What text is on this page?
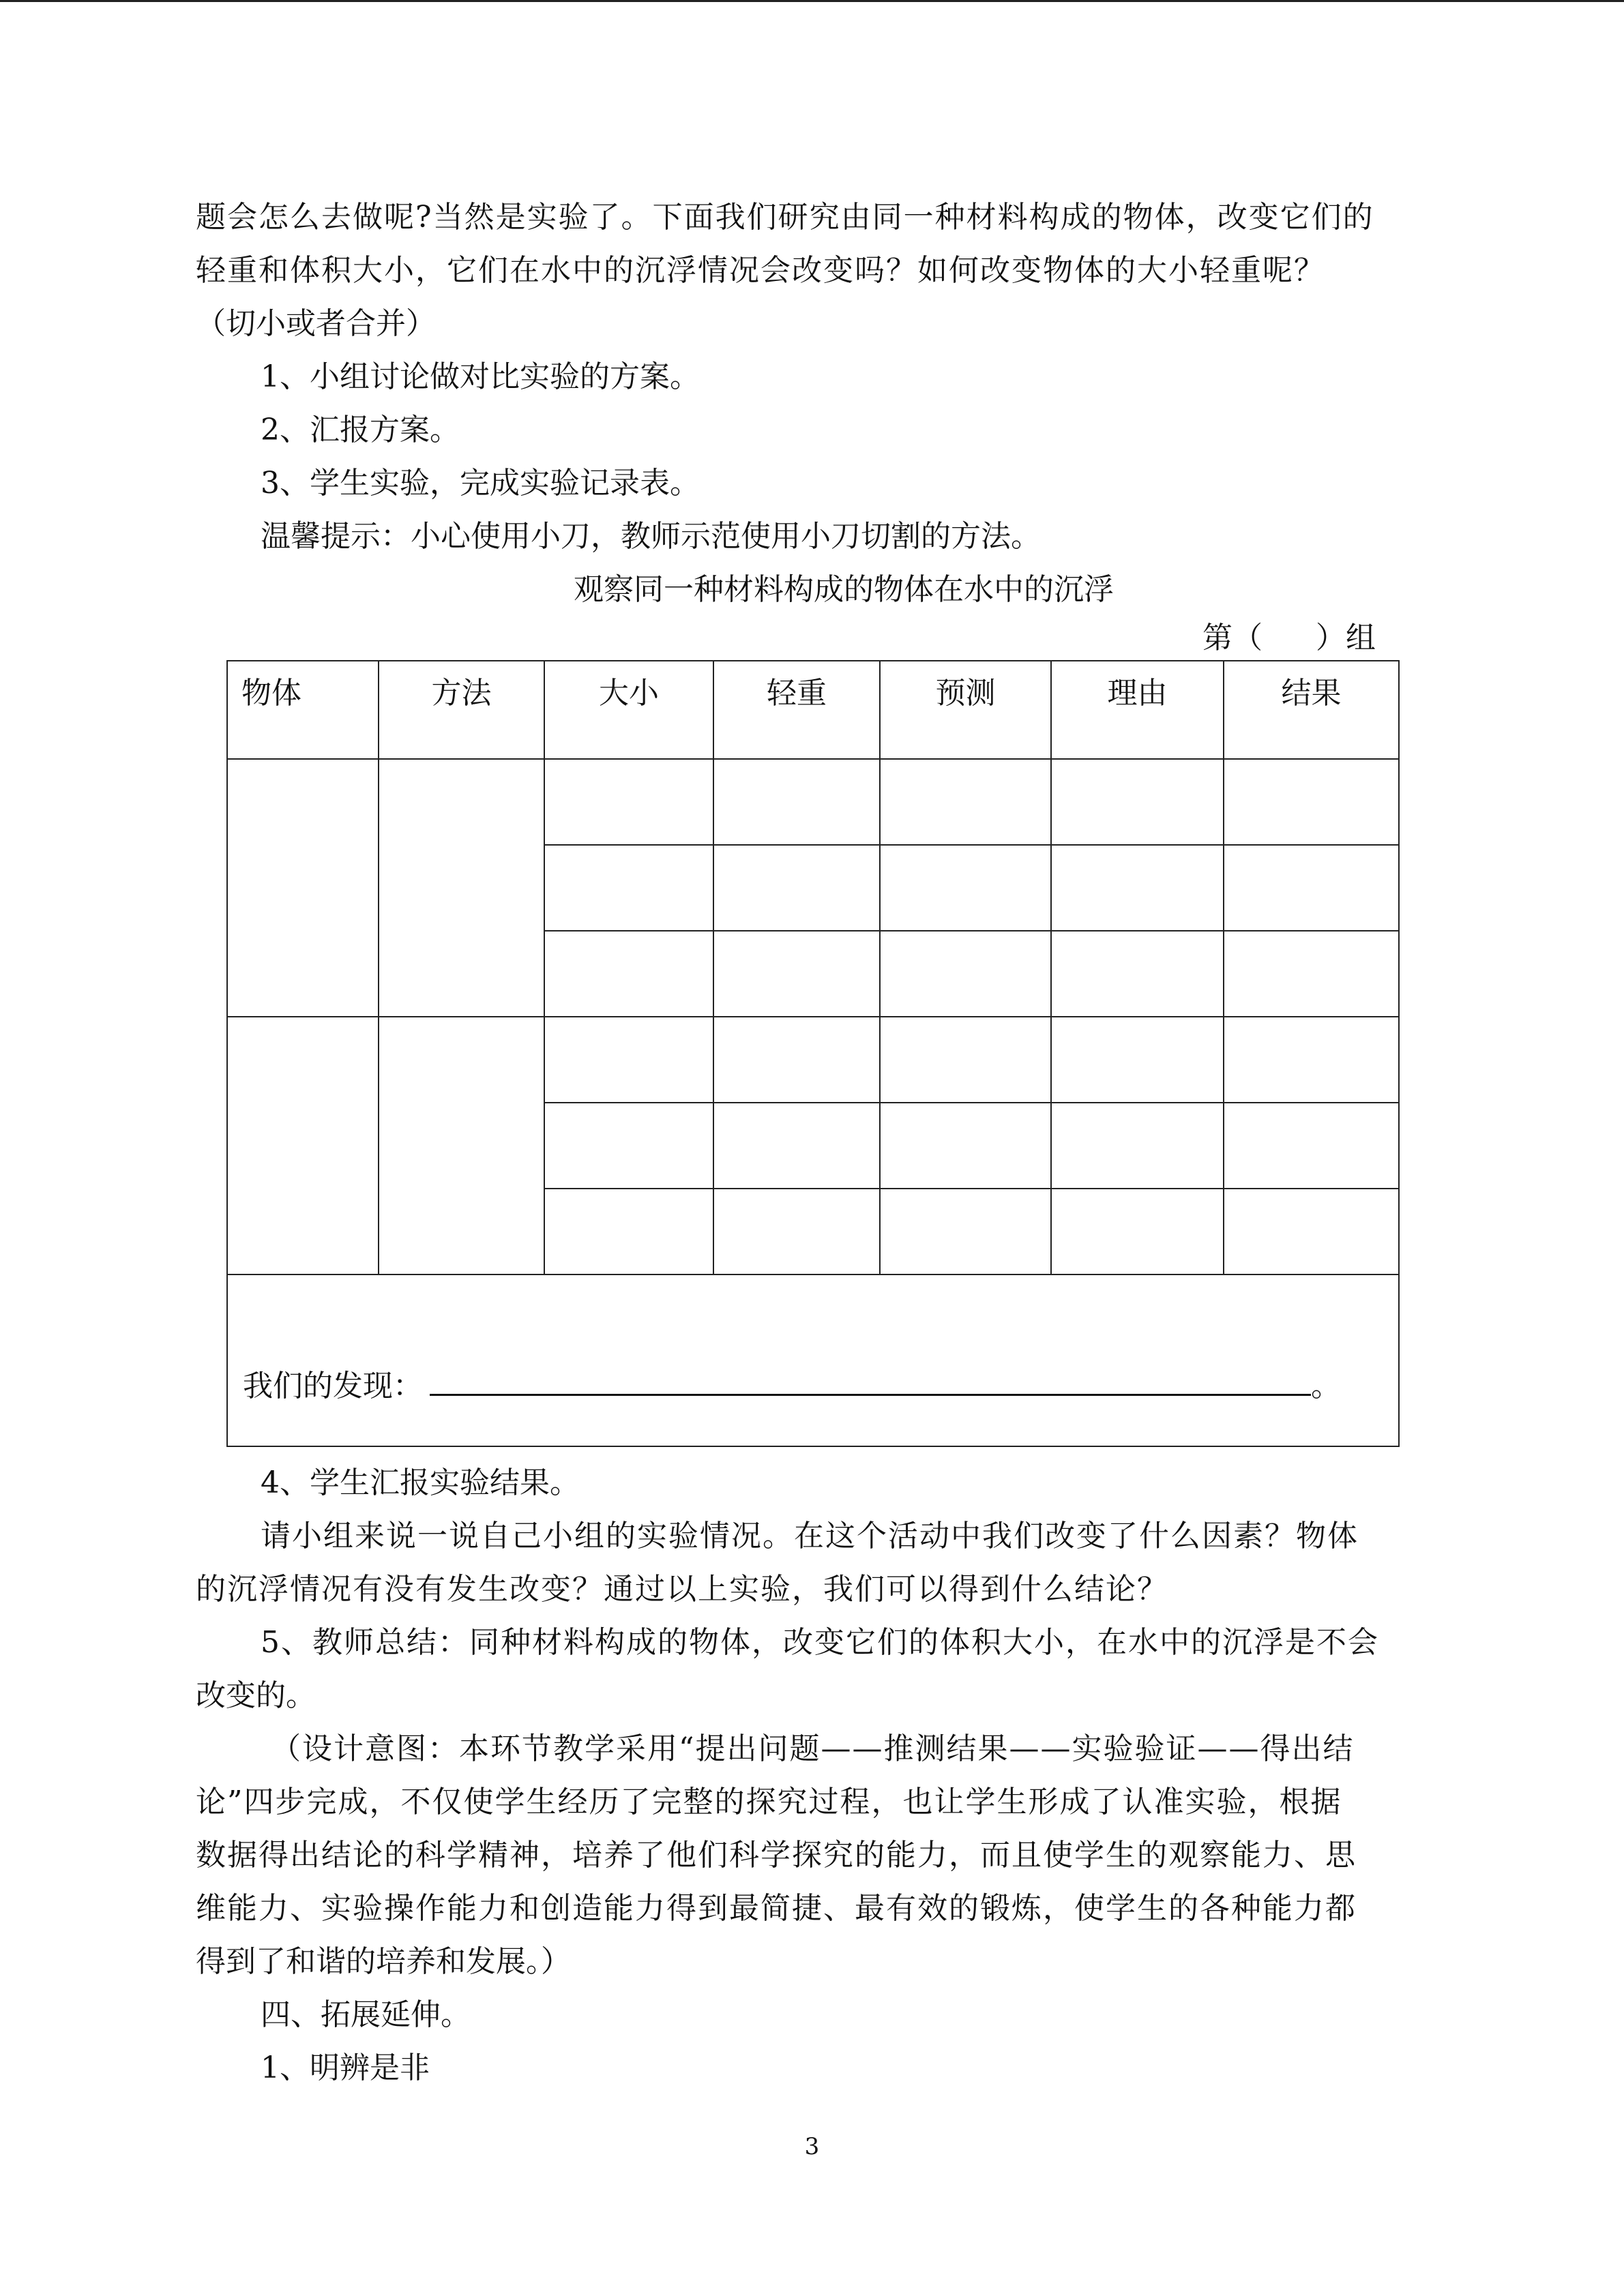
题会怎么去做呢?当然是实验了。下面我们研究由同一种材料构成的物体，改变它们的
轻重和体积大小，它们在水中的沉浮情况会改变吗？如何改变物体的大小轻重呢？
（切小或者合并）
1、小组讨论做对比实验的方案。
2、汇报方案。
3、学生实验，完成实验记录表。
温馨提示：小心使用小刀，教师示范使用小刀切割的方法。
观察同一种材料构成的物体在水中的沉浮
第（ ）组
物体	方法	大小	轻重	预测	理由	结果

我们的发现： 。						
4、学生汇报实验结果。
请小组来说一说自己小组的实验情况。在这个活动中我们改变了什么因素？物体
的沉浮情况有没有发生改变？通过以上实验，我们可以得到什么结论？
5、教师总结：同种材料构成的物体，改变它们的体积大小，在水中的沉浮是不会
改变的。
（设计意图：本环节教学采用“提出问题——推测结果——实验验证——得出结
论”四步完成，不仅使学生经历了完整的探究过程，也让学生形成了认准实验，根据
数据得出结论的科学精神，培养了他们科学探究的能力，而且使学生的观察能力、思
维能力、实验操作能力和创造能力得到最简捷、最有效的锻炼，使学生的各种能力都
得到了和谐的培养和发展。）
四、拓展延伸。
1、明辨是非
3
